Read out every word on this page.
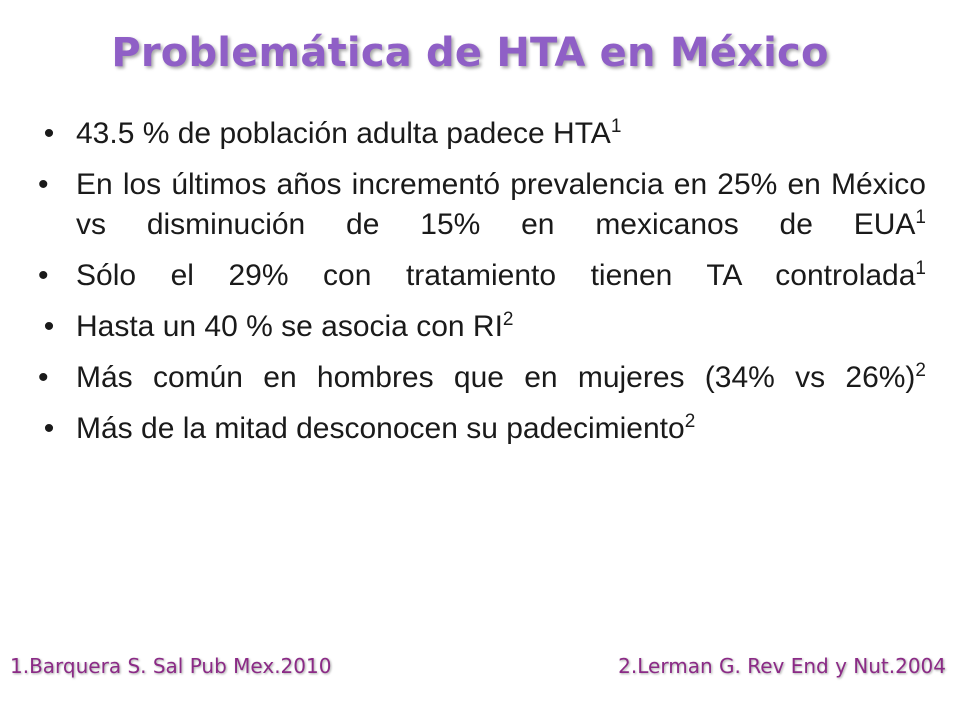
Problemática de HTA en México
• 43.5 % de población adulta padece HTA$^1$
• En los últimos años incrementó prevalencia en 25% en México vs disminución de 15% en mexicanos de EUA$^1$
• Sólo el 29% con tratamiento tienen TA controlada$^1$
• Hasta un 40 % se asocia con $RI^2$
• Más común en hombres que en mujeres (34% vs 26%)$^2$
• Más de la mitad desconocen su padecimiento$^2$
1.Barquera S. Sal Pub Mex.2010	2.Lerman G. Rev End y Nut.2004
